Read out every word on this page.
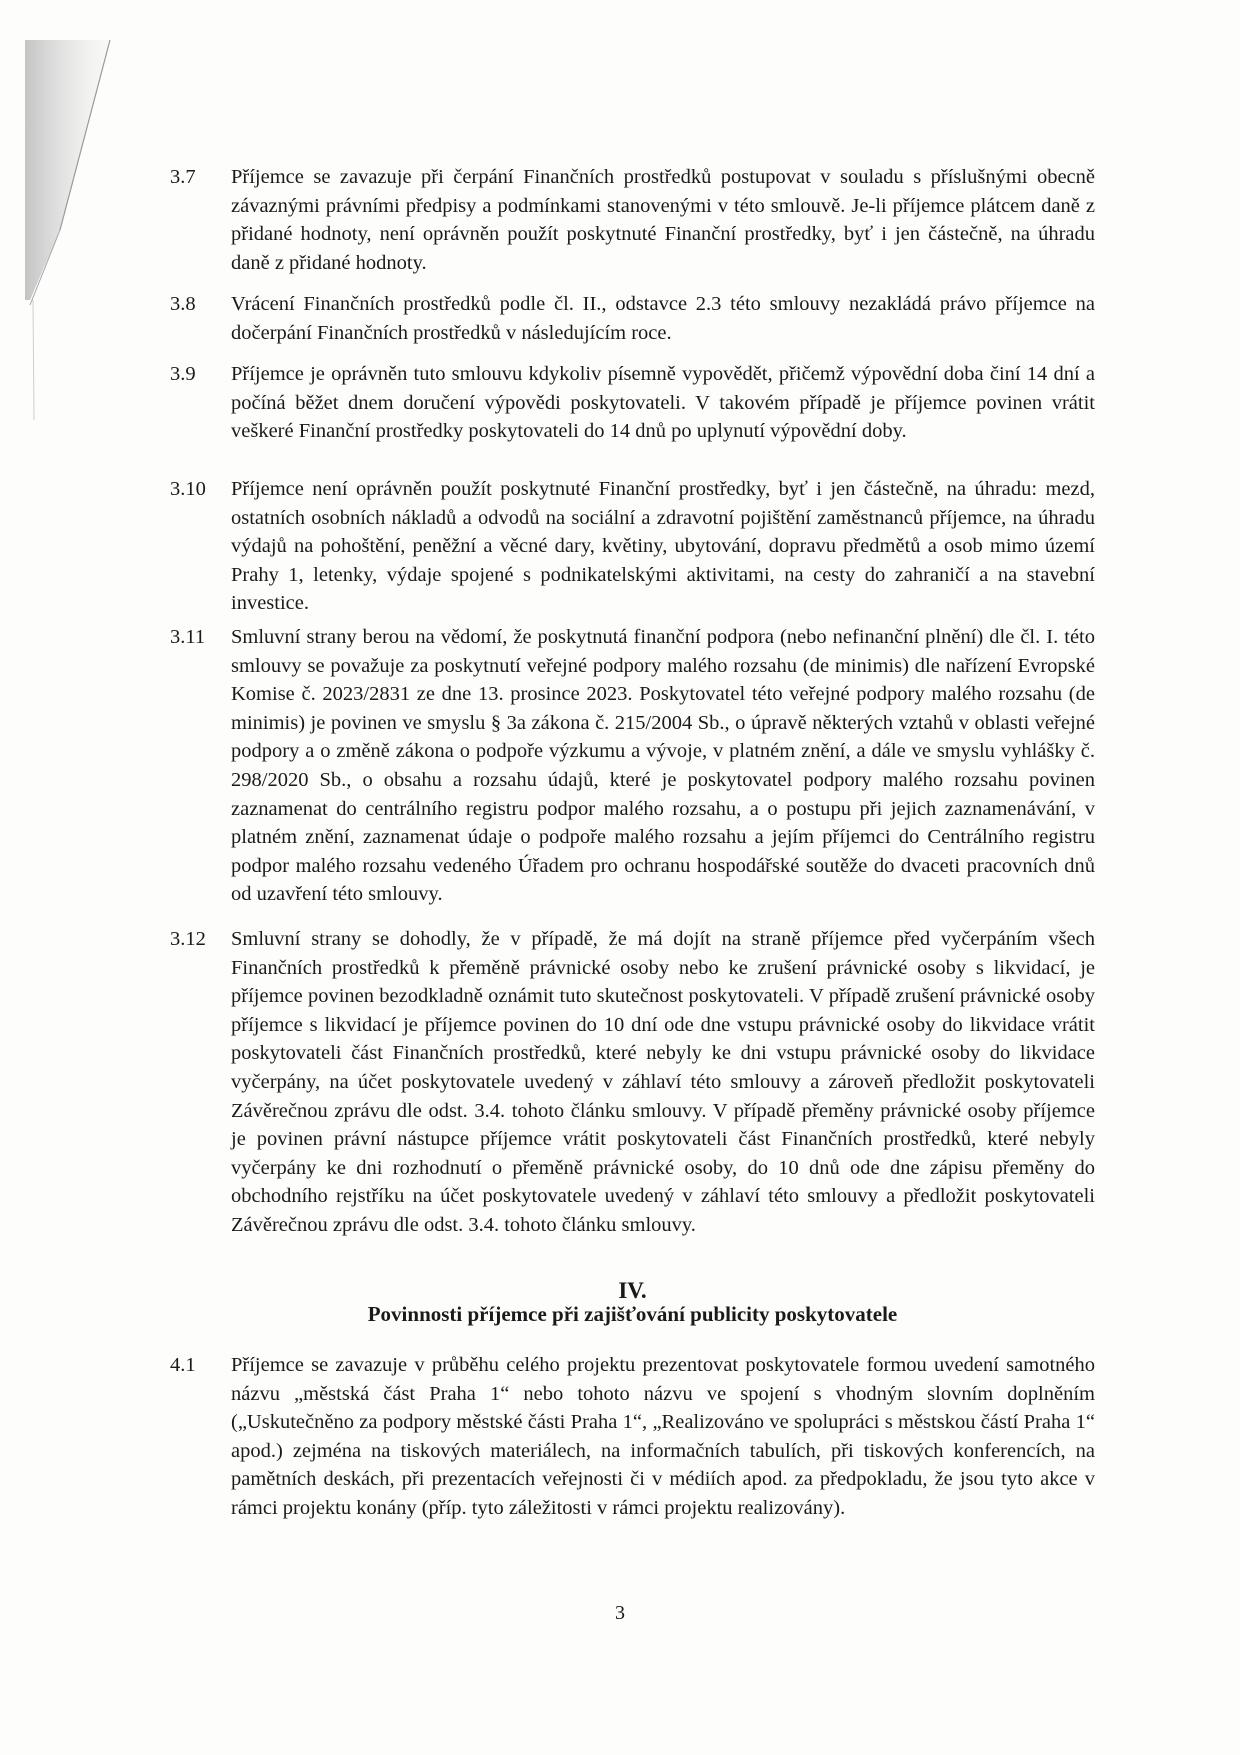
3.7	Příjemce se zavazuje při čerpání Finančních prostředků postupovat v souladu s příslušnými obecně závaznými právními předpisy a podmínkami stanovenými v této smlouvě. Je-li příjemce plátcem daně z přidané hodnoty, není oprávněn použít poskytnuté Finanční prostředky, byť i jen částečně, na úhradu daně z přidané hodnoty.
3.8	Vrácení Finančních prostředků podle čl. II., odstavce 2.3 této smlouvy nezakládá právo příjemce na dočerpání Finančních prostředků v následujícím roce.
3.9	Příjemce je oprávněn tuto smlouvu kdykoliv písemně vypovědět, přičemž výpovědní doba činí 14 dní a počíná běžet dnem doručení výpovědi poskytovateli. V takovém případě je příjemce povinen vrátit veškeré Finanční prostředky poskytovateli do 14 dnů po uplynutí výpovědní doby.
3.10	Příjemce není oprávněn použít poskytnuté Finanční prostředky, byť i jen částečně, na úhradu: mezd, ostatních osobních nákladů a odvodů na sociální a zdravotní pojištění zaměstnanců příjemce, na úhradu výdajů na pohoštění, peněžní a věcné dary, květiny, ubytování, dopravu předmětů a osob mimo území Prahy 1, letenky, výdaje spojené s podnikatelskými aktivitami, na cesty do zahraničí a na stavební investice.
3.11	Smluvní strany berou na vědomí, že poskytnutá finanční podpora (nebo nefinanční plnění) dle čl. I. této smlouvy se považuje za poskytnutí veřejné podpory malého rozsahu (de minimis) dle nařízení Evropské Komise č. 2023/2831 ze dne 13. prosince 2023. Poskytovatel této veřejné podpory malého rozsahu (de minimis) je povinen ve smyslu § 3a zákona č. 215/2004 Sb., o úpravě některých vztahů v oblasti veřejné podpory a o změně zákona o podpoře výzkumu a vývoje, v platném znění, a dále ve smyslu vyhlášky č. 298/2020 Sb., o obsahu a rozsahu údajů, které je poskytovatel podpory malého rozsahu povinen zaznamenat do centrálního registru podpor malého rozsahu, a o postupu při jejich zaznamenávání, v platném znění, zaznamenat údaje o podpoře malého rozsahu a jejím příjemci do Centrálního registru podpor malého rozsahu vedeného Úřadem pro ochranu hospodářské soutěže do dvaceti pracovních dnů od uzavření této smlouvy.
3.12	Smluvní strany se dohodly, že v případě, že má dojít na straně příjemce před vyčerpáním všech Finančních prostředků k přeměně právnické osoby nebo ke zrušení právnické osoby s likvidací, je příjemce povinen bezodkladně oznámit tuto skutečnost poskytovateli. V případě zrušení právnické osoby příjemce s likvidací je příjemce povinen do 10 dní ode dne vstupu právnické osoby do likvidace vrátit poskytovateli část Finančních prostředků, které nebyly ke dni vstupu právnické osoby do likvidace vyčerpány, na účet poskytovatele uvedený v záhlaví této smlouvy a zároveň předložit poskytovateli Závěrečnou zprávu dle odst. 3.4. tohoto článku smlouvy. V případě přeměny právnické osoby příjemce je povinen právní nástupce příjemce vrátit poskytovateli část Finančních prostředků, které nebyly vyčerpány ke dni rozhodnutí o přeměně právnické osoby, do 10 dnů ode dne zápisu přeměny do obchodního rejstříku na účet poskytovatele uvedený v záhlaví této smlouvy a předložit poskytovateli Závěrečnou zprávu dle odst. 3.4. tohoto článku smlouvy.
IV.
Povinnosti příjemce při zajišťování publicity poskytovatele
4.1	Příjemce se zavazuje v průběhu celého projektu prezentovat poskytovatele formou uvedení samotného názvu „městská část Praha 1“ nebo tohoto názvu ve spojení s vhodným slovním doplněním („Uskutečněno za podpory městské části Praha 1“, „Realizováno ve spolupráci s městskou částí Praha 1“ apod.) zejména na tiskových materiálech, na informačních tabulích, při tiskových konferencích, na pamětních deskách, při prezentacích veřejnosti či v médiích apod. za předpokladu, že jsou tyto akce v rámci projektu konány (příp. tyto záležitosti v rámci projektu realizovány).
3
